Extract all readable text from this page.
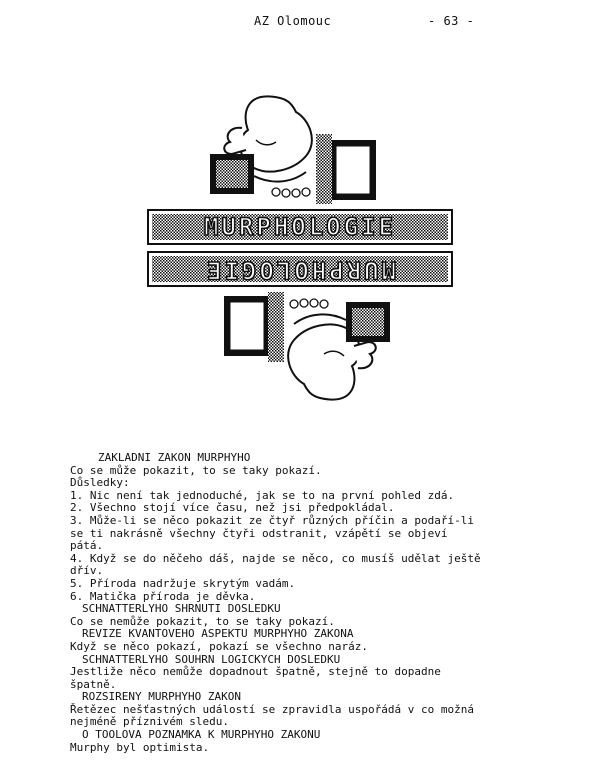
AZ Olomouc	- 63 -
MURPHOLOGIE
MURPHOLOGIE
ZAKLADNI ZAKON MURPHYHO
Co se může pokazit, to se taky pokazí.
Důsledky:
1. Nic není tak jednoduché, jak se to na první pohled zdá.
2. Všechno stojí více času, než jsi předpokládal.
3. Může-li se něco pokazit ze čtyř různých příčin a podaří-li
se ti nakrásně všechny čtyři odstranit, vzápětí se objeví
pátá.
4. Když se do něčeho dáš, najde se něco, co musíš udělat ještě
dřív.
5. Příroda nadržuje skrytým vadám.
6. Matička příroda je děvka.
SCHNATTERLYHO SHRNUTI DOSLEDKU
Co se nemůže pokazit, to se taky pokazí.
REVIZE KVANTOVEHO ASPEKTU MURPHYHO ZAKONA
Když se něco pokazí, pokazí se všechno naráz.
SCHNATTERLYHO SOUHRN LOGICKYCH DOSLEDKU
Jestliže něco nemůže dopadnout špatně, stejně to dopadne
špatně.
ROZSIRENY MURPHYHO ZAKON
Řetězec nešťastných událostí se zpravidla uspořádá v co možná
nejméně příznivém sledu.
O TOOLOVA POZNAMKA K MURPHYHO ZAKONU
Murphy byl optimista.
